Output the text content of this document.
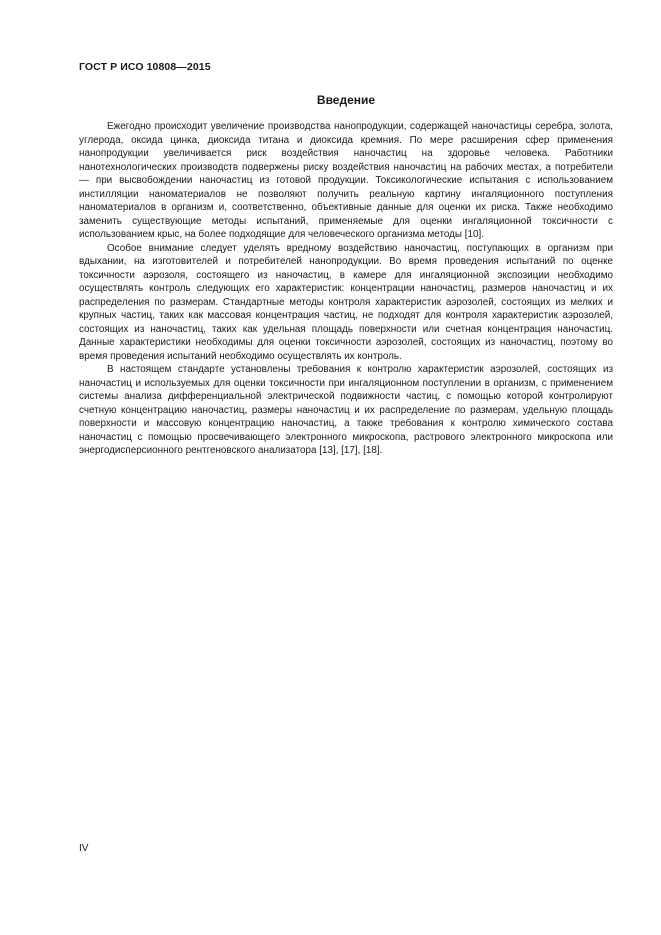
ГОСТ Р ИСО 10808—2015
Введение

Ежегодно происходит увеличение производства нанопродукции, содержащей наночастицы серебра, золота, углерода, оксида цинка, диоксида титана и диоксида кремния. По мере расширения сфер применения нанопродукции увеличивается риск воздействия наночастиц на здоровье человека. Работники нанотехнологических производств подвержены риску воздействия наночастиц на рабочих местах, а потребители — при высвобождении наночастиц из готовой продукции. Токсикологические испытания с использованием инстилляции наноматериалов не позволяют получить реальную картину ингаляционного поступления наноматериалов в организм и, соответственно, объективные данные для оценки их риска. Также необходимо заменить существующие методы испытаний, применяемые для оценки ингаляционной токсичности с использованием крыс, на более подходящие для человеческого организма методы [10].

Особое внимание следует уделять вредному воздействию наночастиц, поступающих в организм при вдыхании, на изготовителей и потребителей нанопродукции. Во время проведения испытаний по оценке токсичности аэрозоля, состоящего из наночастиц, в камере для ингаляционной экспозиции необходимо осуществлять контроль следующих его характеристик: концентрации наночастиц, размеров наночастиц и их распределения по размерам. Стандартные методы контроля характеристик аэрозолей, состоящих из мелких и крупных частиц, таких как массовая концентрация частиц, не подходят для контроля характеристик аэрозолей, состоящих из наночастиц, таких как удельная площадь поверхности или счетная концентрация наночастиц. Данные характеристики необходимы для оценки токсичности аэрозолей, состоящих из наночастиц, поэтому во время проведения испытаний необходимо осуществлять их контроль.

В настоящем стандарте установлены требования к контролю характеристик аэрозолей, состоящих из наночастиц и используемых для оценки токсичности при ингаляционном поступлении в организм, с применением системы анализа дифференциальной электрической подвижности частиц, с помощью которой контролируют счетную концентрацию наночастиц, размеры наночастиц и их распределение по размерам, удельную площадь поверхности и массовую концентрацию наночастиц, а также требования к контролю химического состава наночастиц с помощью просвечивающего электронного микроскопа, растрового электронного микроскопа или энергодисперсионного рентгеновского анализатора [13], [17], [18].

IV
